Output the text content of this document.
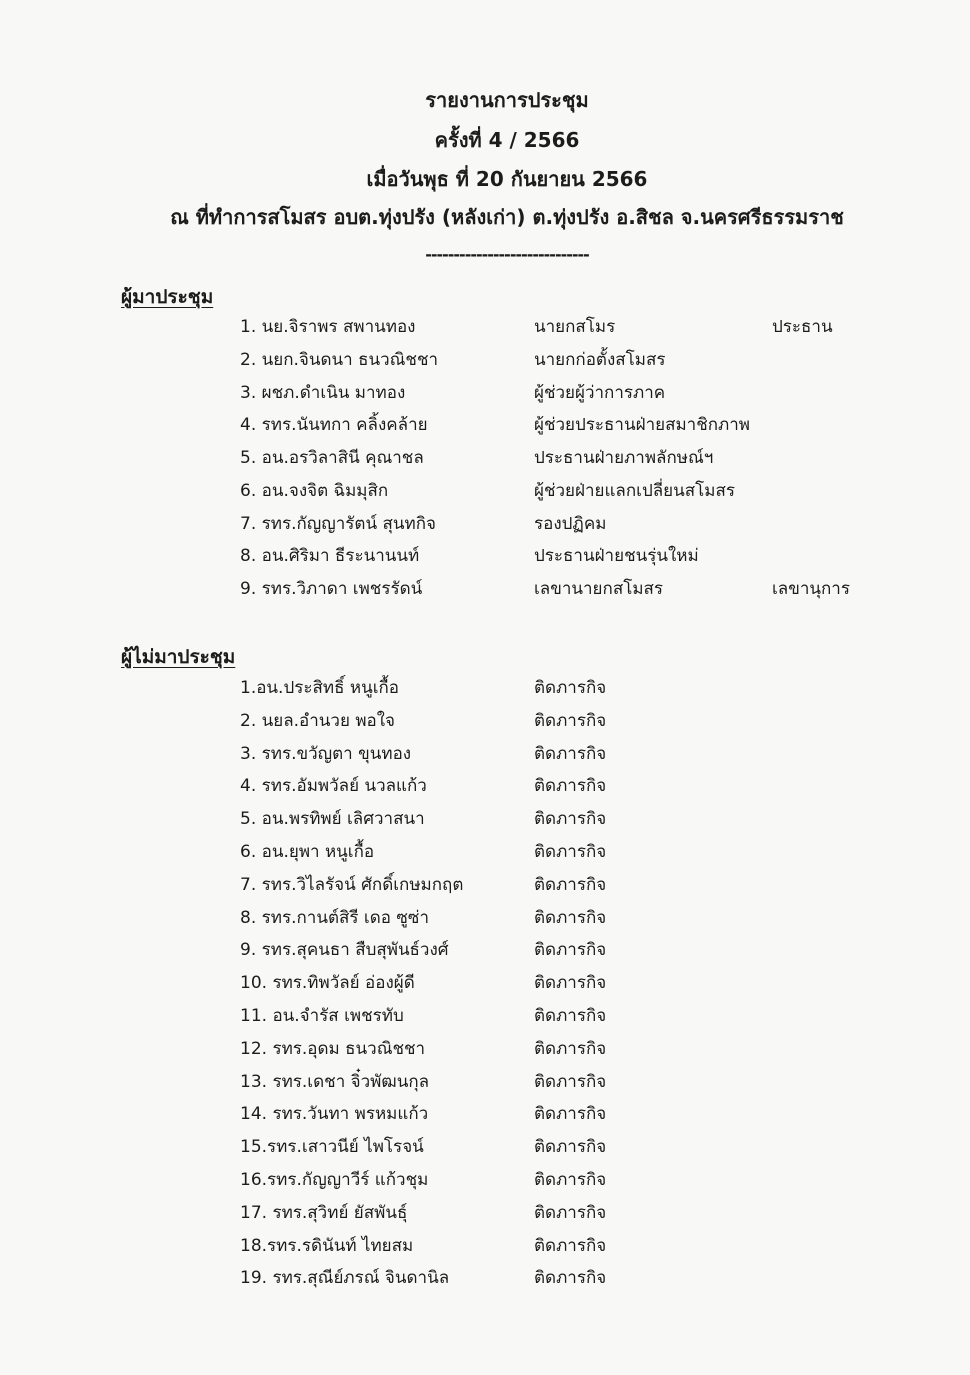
รายงานการประชุม
ครั้งที่ 4 / 2566
เมื่อวันพุธ ที่ 20 กันยายน 2566
ณ ที่ทำการสโมสร อบต.ทุ่งปรัง (หลังเก่า) ต.ทุ่งปรัง อ.สิชล จ.นครศรีธรรมราช
-----------------------------
ผู้มาประชุม
1. นย.จิราพร สพานทอง	นายกสโมร	ประธาน
2. นยก.จินดนา ธนวณิชชา	นายกก่อตั้งสโมสร
3. ผชภ.ดำเนิน มาทอง	ผู้ช่วยผู้ว่าการภาค
4. รทร.นันทกา คลิ้งคล้าย	ผู้ช่วยประธานฝ่ายสมาชิกภาพ
5. อน.อรวิลาสินี คุณาชล	ประธานฝ่ายภาพลักษณ์ฯ
6. อน.จงจิต ฉิมมุสิก	ผู้ช่วยฝ่ายแลกเปลี่ยนสโมสร
7. รทร.กัญญารัตน์ สุนทกิจ	รองปฏิคม
8. อน.ศิริมา ธีระนานนท์	ประธานฝ่ายชนรุ่นใหม่
9. รทร.วิภาดา เพชรรัดน์	เลขานายกสโมสร	เลขานุการ
ผู้ไม่มาประชุม
1.อน.ประสิทธิ์ หนูเกื้อ	ติดภารกิจ
2. นยล.อำนวย พอใจ	ติดภารกิจ
3. รทร.ขวัญตา ขุนทอง	ติดภารกิจ
4. รทร.อัมพวัลย์ นวลแก้ว	ติดภารกิจ
5. อน.พรทิพย์ เลิศวาสนา	ติดภารกิจ
6. อน.ยุพา หนูเกื้อ	ติดภารกิจ
7. รทร.วิไลรัจน์ ศักดิ์เกษมกฤต	ติดภารกิจ
8. รทร.กานต์สิรี เดอ ซูซ่า	ติดภารกิจ
9. รทร.สุคนธา สืบสุพันธ์วงศ์	ติดภารกิจ
10. รทร.ทิพวัลย์ อ่องผู้ดี	ติดภารกิจ
11. อน.จำรัส เพชรทับ	ติดภารกิจ
12. รทร.อุดม ธนวณิชชา	ติดภารกิจ
13. รทร.เดชา จิ๋วพัฒนกุล	ติดภารกิจ
14. รทร.วันทา พรหมแก้ว	ติดภารกิจ
15.รทร.เสาวนีย์ ไพโรจน์	ติดภารกิจ
16.รทร.กัญญาวีร์ แก้วชุม	ติดภารกิจ
17. รทร.สุวิทย์ ยัสพันธุ์	ติดภารกิจ
18.รทร.รดินันท์ ไทยสม	ติดภารกิจ
19. รทร.สุณีย์ภรณ์ จินดานิล	ติดภารกิจ
